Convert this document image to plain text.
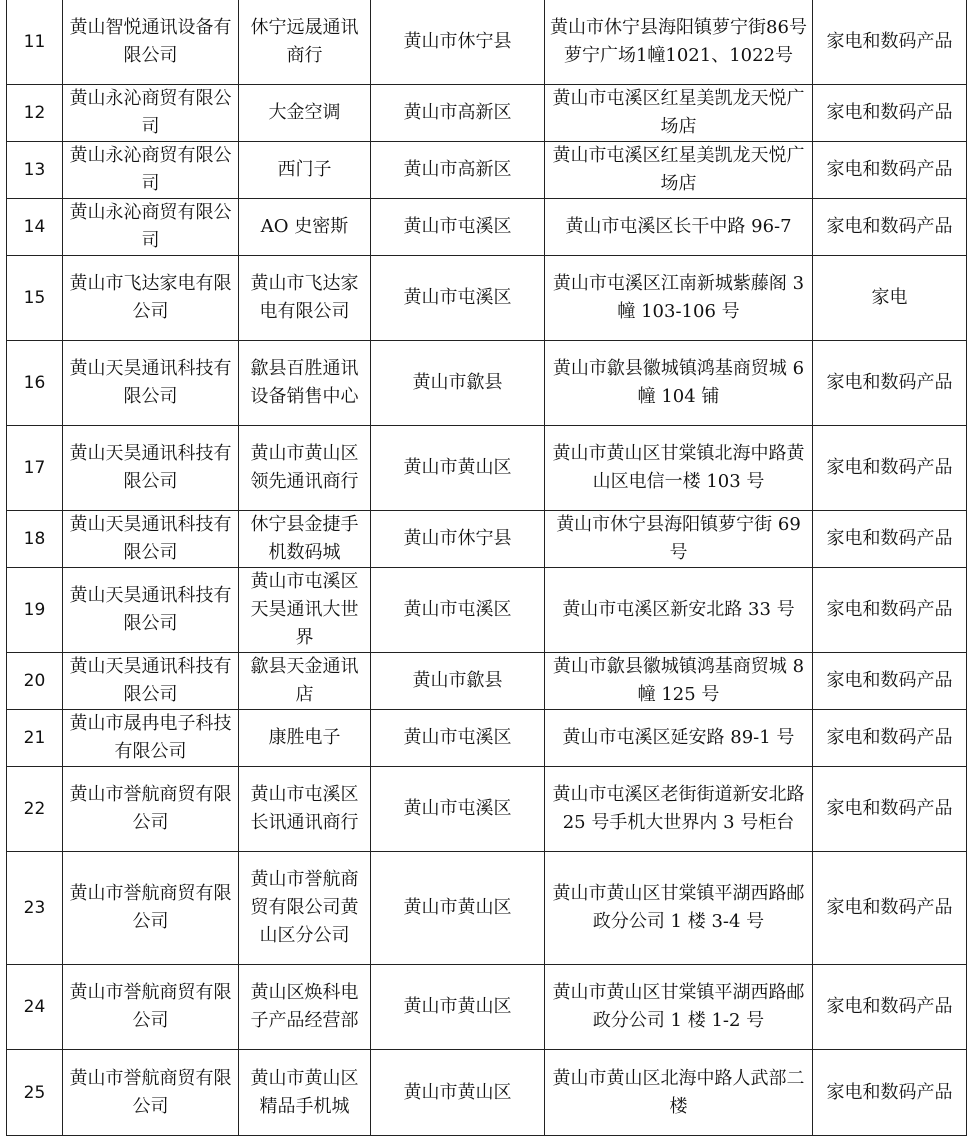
11	黄山智悦通讯设备有限公司	休宁远晟通讯商行	黄山市休宁县	黄山市休宁县海阳镇萝宁街86号萝宁广场1幢1021、1022号	家电和数码产品
12	黄山永沁商贸有限公司	大金空调	黄山市高新区	黄山市屯溪区红星美凯龙天悦广场店	家电和数码产品
13	黄山永沁商贸有限公司	西门子	黄山市高新区	黄山市屯溪区红星美凯龙天悦广场店	家电和数码产品
14	黄山永沁商贸有限公司	AO 史密斯	黄山市屯溪区	黄山市屯溪区长干中路 96-7	家电和数码产品
15	黄山市飞达家电有限公司	黄山市飞达家电有限公司	黄山市屯溪区	黄山市屯溪区江南新城紫藤阁 3 幢 103-106 号	家电
16	黄山天昊通讯科技有限公司	歙县百胜通讯设备销售中心	黄山市歙县	黄山市歙县徽城镇鸿基商贸城 6 幢 104 铺	家电和数码产品
17	黄山天昊通讯科技有限公司	黄山市黄山区领先通讯商行	黄山市黄山区	黄山市黄山区甘棠镇北海中路黄山区电信一楼 103 号	家电和数码产品
18	黄山天昊通讯科技有限公司	休宁县金捷手机数码城	黄山市休宁县	黄山市休宁县海阳镇萝宁街 69 号	家电和数码产品
19	黄山天昊通讯科技有限公司	黄山市屯溪区天昊通讯大世界	黄山市屯溪区	黄山市屯溪区新安北路 33 号	家电和数码产品
20	黄山天昊通讯科技有限公司	歙县天金通讯店	黄山市歙县	黄山市歙县徽城镇鸿基商贸城 8 幢 125 号	家电和数码产品
21	黄山市晟冉电子科技有限公司	康胜电子	黄山市屯溪区	黄山市屯溪区延安路 89-1 号	家电和数码产品
22	黄山市誉航商贸有限公司	黄山市屯溪区长讯通讯商行	黄山市屯溪区	黄山市屯溪区老街街道新安北路 25 号手机大世界内 3 号柜台	家电和数码产品
23	黄山市誉航商贸有限公司	黄山市誉航商贸有限公司黄山区分公司	黄山市黄山区	黄山市黄山区甘棠镇平湖西路邮政分公司 1 楼 3-4 号	家电和数码产品
24	黄山市誉航商贸有限公司	黄山区焕科电子产品经营部	黄山市黄山区	黄山市黄山区甘棠镇平湖西路邮政分公司 1 楼 1-2 号	家电和数码产品
25	黄山市誉航商贸有限公司	黄山市黄山区精品手机城	黄山市黄山区	黄山市黄山区北海中路人武部二楼	家电和数码产品
